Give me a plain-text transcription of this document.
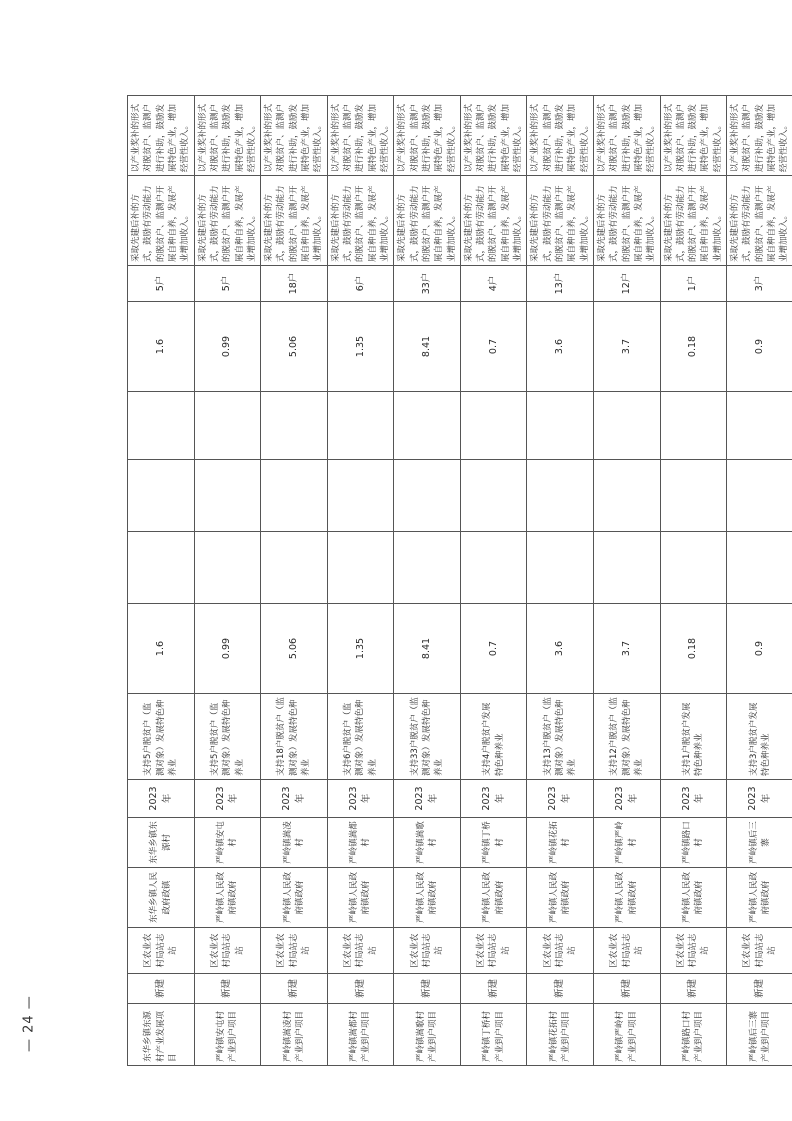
— 24 —	东华乡镇东源村产业发展项目	新建	区农业农村局站志站	东华乡镇人民政府政镇	东华乡镇东源村	2023年	支持5户脱贫户（监测对象）发展特色种养业	1.6				1.6	5户	采取先建后补的方式，鼓励有劳动能力的脱贫户、监测户开展自种自养，发展产业增加收入。	以产业奖补的形式对脱贫户、监测户进行补助，鼓励发展特色产业，增加经营性收入。
严岭镇安屯村产业到户项目	新建	区农业农村局站志站	严岭镇人民政府镇政府	严岭镇安屯村	2023年	支持5户脱贫户（监测对象）发展特色种养业	0.99				0.99	5户	采取先建后补的方式，鼓励有劳动能力的脱贫户、监测户开展自种自养，发展产业增加收入。	以产业奖补的形式对脱贫户、监测户进行补助，鼓励发展特色产业，增加经营性收入。
严岭镇嵩凌村产业到户项目	新建	区农业农村局站志站	严岭镇人民政府镇政府	严岭镇嵩凌村	2023年	支持18户脱贫户（监测对象）发展特色种养业	5.06				5.06	18户	采取先建后补的方式，鼓励有劳动能力的脱贫户、监测户开展自种自养，发展产业增加收入。	以产业奖补的形式对脱贫户、监测户进行补助，鼓励发展特色产业，增加经营性收入。
严岭镇嵩都村产业到户项目	新建	区农业农村局站志站	严岭镇人民政府镇政府	严岭镇嵩都村	2023年	支持6户脱贫户（监测对象）发展特色种养业	1.35				1.35	6户	采取先建后补的方式，鼓励有劳动能力的脱贫户、监测户开展自种自养，发展产业增加收入。	以产业奖补的形式对脱贫户、监测户进行补助，鼓励发展特色产业，增加经营性收入。
严岭镇嵩歌村产业到户项目	新建	区农业农村局站志站	严岭镇人民政府镇政府	严岭镇嵩歌村	2023年	支持33户脱贫户（监测对象）发展特色种养业	8.41				8.41	33户	采取先建后补的方式，鼓励有劳动能力的脱贫户、监测户开展自种自养，发展产业增加收入。	以产业奖补的形式对脱贫户、监测户进行补助，鼓励发展特色产业，增加经营性收入。
严岭镇丁桥村产业到户项目	新建	区农业农村局站志站	严岭镇人民政府镇政府	严岭镇丁桥村	2023年	支持4户脱贫户发展特色种养业	0.7				0.7	4户	采取先建后补的方式，鼓励有劳动能力的脱贫户、监测户开展自种自养，发展产业增加收入。	以产业奖补的形式对脱贫户、监测户进行补助，鼓励发展特色产业，增加经营性收入。
严岭镇花拓村产业到户项目	新建	区农业农村局站志站	严岭镇人民政府镇政府	严岭镇花拓村	2023年	支持13户脱贫户（监测对象）发展特色种养业	3.6				3.6	13户	采取先建后补的方式，鼓励有劳动能力的脱贫户、监测户开展自种自养，发展产业增加收入。	以产业奖补的形式对脱贫户、监测户进行补助，鼓励发展特色产业，增加经营性收入。
严岭镇严岭村产业到户项目	新建	区农业农村局站志站	严岭镇人民政府镇政府	严岭镇严岭村	2023年	支持12户脱贫户（监测对象）发展特色种养业	3.7				3.7	12户	采取先建后补的方式，鼓励有劳动能力的脱贫户、监测户开展自种自养，发展产业增加收入。	以产业奖补的形式对脱贫户、监测户进行补助，鼓励发展特色产业，增加经营性收入。
严岭镇路口村产业到户项目	新建	区农业农村局站志站	严岭镇人民政府镇政府	严岭镇路口村	2023年	支持1户脱贫户发展特色种养业	0.18				0.18	1户	采取先建后补的方式，鼓励有劳动能力的脱贫户、监测户开展自种自养，发展产业增加收入。	以产业奖补的形式对脱贫户、监测户进行补助，鼓励发展特色产业，增加经营性收入。
严岭镇后三寨产业到户项目	新建	区农业农村局站志站	严岭镇人民政府镇政府	严岭镇后三寨	2023年	支持3户脱贫户发展特色种养业	0.9				0.9	3户	采取先建后补的方式，鼓励有劳动能力的脱贫户、监测户开展自种自养，发展产业增加收入。	以产业奖补的形式对脱贫户、监测户进行补助，鼓励发展特色产业，增加经营性收入。
